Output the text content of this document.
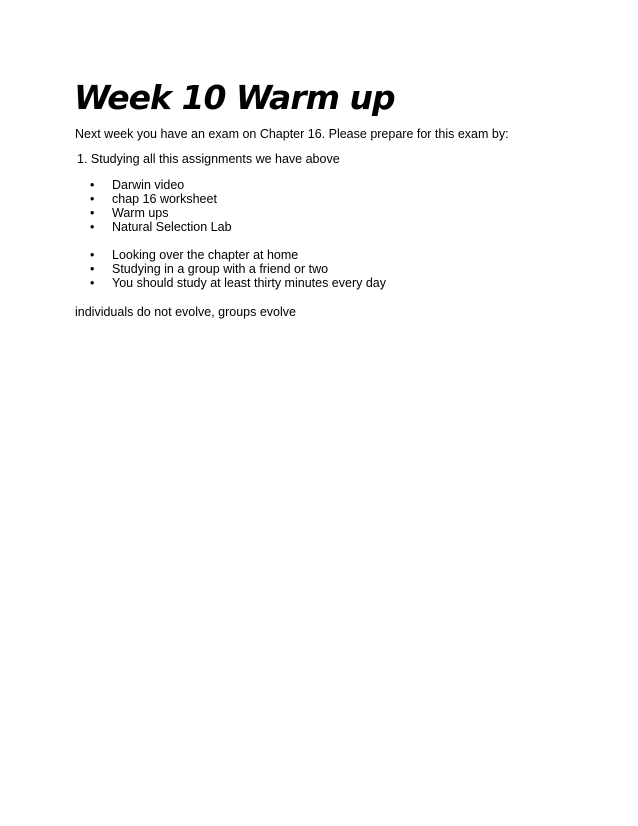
Week 10 Warm up

Next week you have an exam on Chapter 16. Please prepare for this exam by:

1. Studying all this assignments we have above

• Darwin video
• chap 16 worksheet
• Warm ups
• Natural Selection Lab
• Looking over the chapter at home
• Studying in a group with a friend or two
• You should study at least thirty minutes every day

individuals do not evolve, groups evolve
